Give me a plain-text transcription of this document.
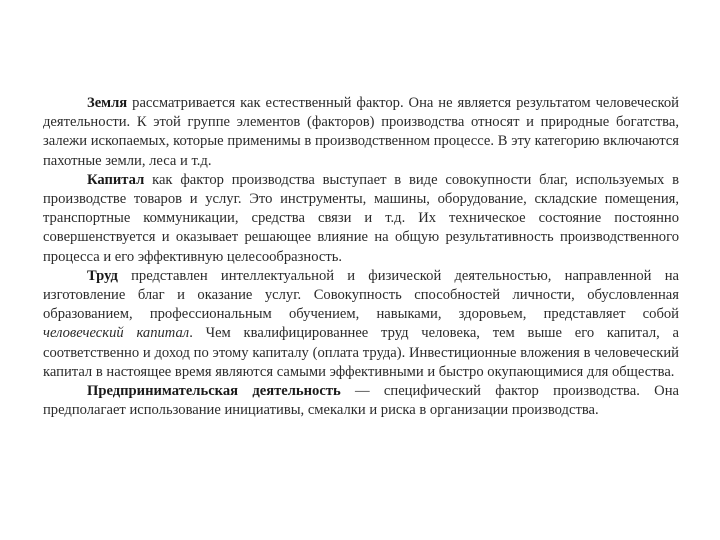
Земля рассматривается как естественный фактор. Она не является результатом человеческой деятельности. К этой группе элементов (факторов) производства относят и природные богатства, залежи ископаемых, которые применимы в производственном процессе. В эту категорию включаются пахотные земли, леса и т.д.

Капитал как фактор производства выступает в виде совокупности благ, используемых в производстве товаров и услуг. Это инструменты, машины, оборудование, складские помещения, транспортные коммуникации, средства связи и т.д. Их техническое состояние постоянно совершенствуется и оказывает решающее влияние на общую результативность производственного процесса и его эффективную целесообразность.

Труд представлен интеллектуальной и физической деятельностью, направленной на изготовление благ и оказание услуг. Совокупность способностей личности, обусловленная образованием, профессиональным обучением, навыками, здоровьем, представляет собой человеческий капитал. Чем квалифицированнее труд человека, тем выше его капитал, а соответственно и доход по этому капиталу (оплата труда). Инвестиционные вложения в человеческий капитал в настоящее время являются самыми эффективными и быстро окупающимися для общества.

Предпринимательская деятельность — специфический фактор производства. Она предполагает использование инициативы, смекалки и риска в организации производства.
